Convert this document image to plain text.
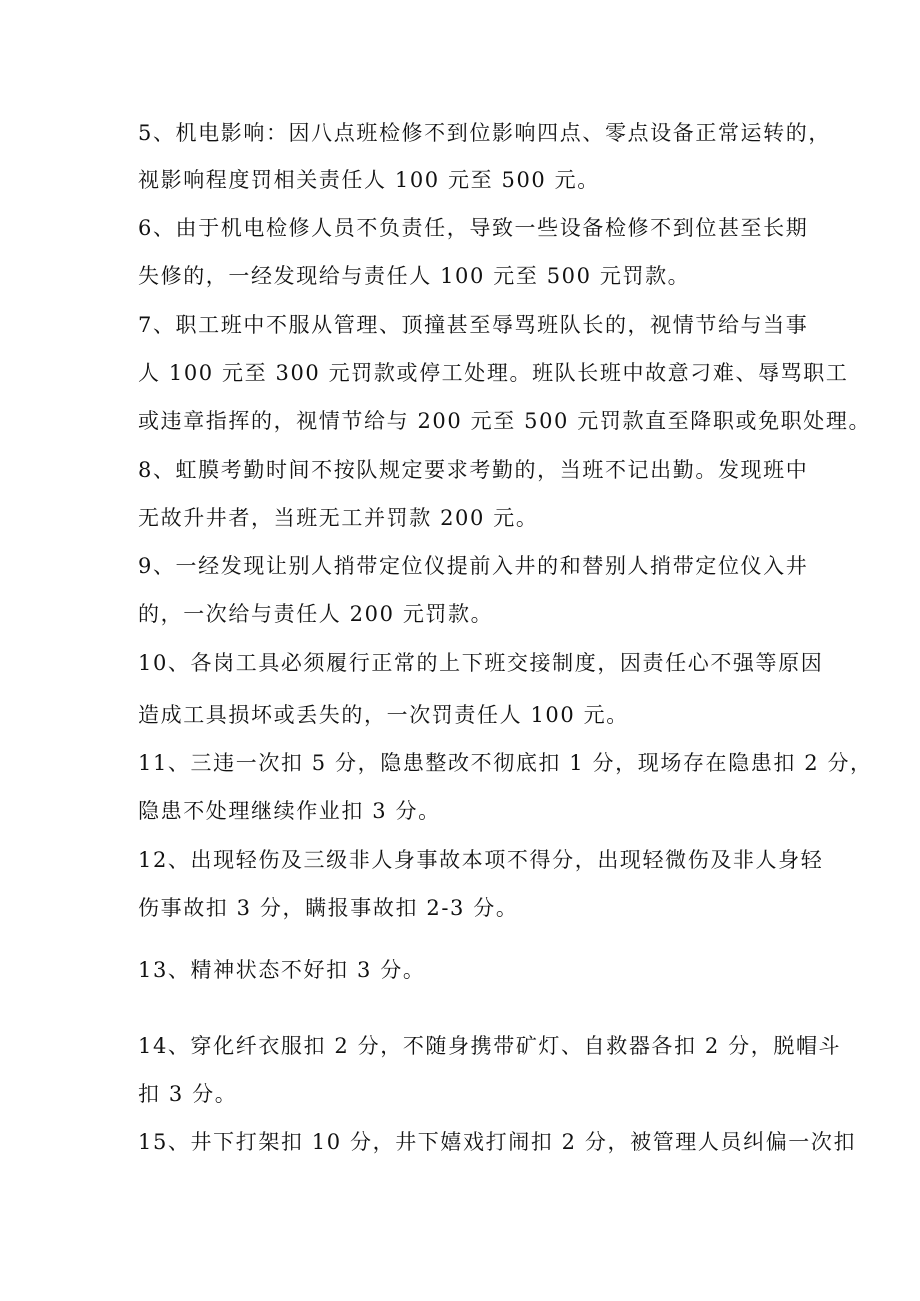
5、机电影响：因八点班检修不到位影响四点、零点设备正常运转的，
视影响程度罚相关责任人 100 元至 500 元。
6、由于机电检修人员不负责任，导致一些设备检修不到位甚至长期
失修的，一经发现给与责任人 100 元至 500 元罚款。
7、职工班中不服从管理、顶撞甚至辱骂班队长的，视情节给与当事
人 100 元至 300 元罚款或停工处理。班队长班中故意刁难、辱骂职工
或违章指挥的，视情节给与 200 元至 500 元罚款直至降职或免职处理。
8、虹膜考勤时间不按队规定要求考勤的，当班不记出勤。发现班中
无故升井者，当班无工并罚款 200 元。
9、一经发现让别人捎带定位仪提前入井的和替别人捎带定位仪入井
的，一次给与责任人 200 元罚款。
10、各岗工具必须履行正常的上下班交接制度，因责任心不强等原因
造成工具损坏或丢失的，一次罚责任人 100 元。
11、三违一次扣 5 分，隐患整改不彻底扣 1 分，现场存在隐患扣 2 分，
隐患不处理继续作业扣 3 分。
12、出现轻伤及三级非人身事故本项不得分，出现轻微伤及非人身轻
伤事故扣 3 分，瞒报事故扣 2-3 分。
13、精神状态不好扣 3 分。
14、穿化纤衣服扣 2 分，不随身携带矿灯、自救器各扣 2 分，脱帽斗
扣 3 分。
15、井下打架扣 10 分，井下嬉戏打闹扣 2 分，被管理人员纠偏一次扣
